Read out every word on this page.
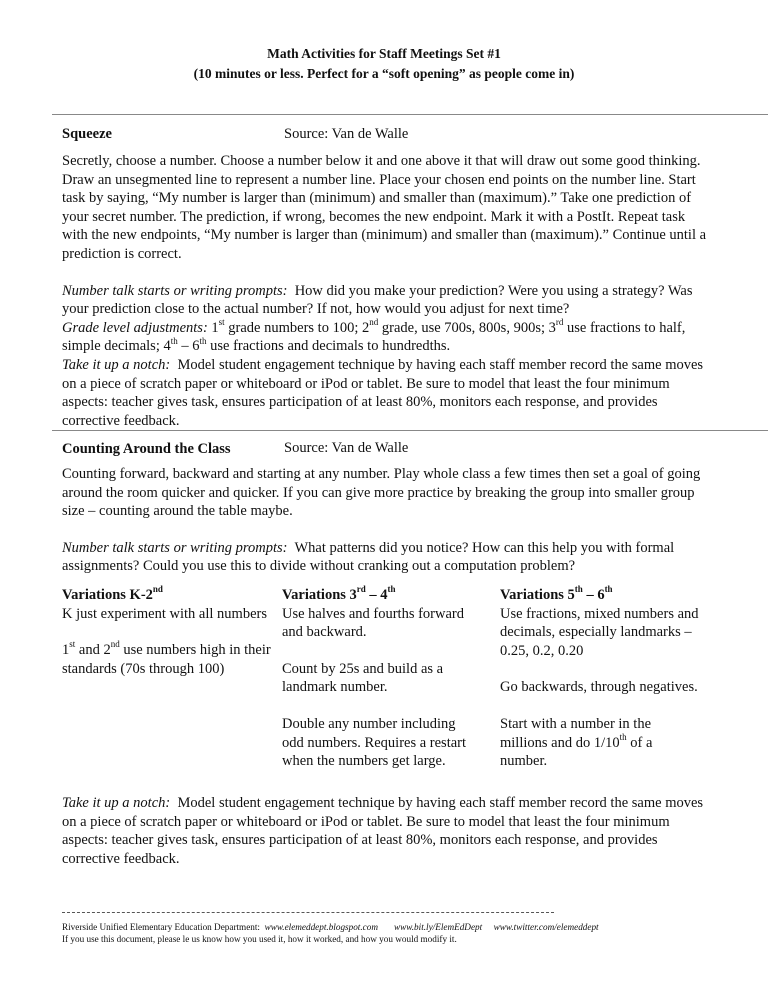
Math Activities for Staff Meetings Set #1
(10 minutes or less. Perfect for a “soft opening” as people come in)
Squeeze	Source: Van de Walle

Secretly, choose a number. Choose a number below it and one above it that will draw out some good thinking. Draw an unsegmented line to represent a number line. Place your chosen end points on the number line. Start task by saying, “My number is larger than (minimum) and smaller than (maximum).” Take one prediction of your secret number. The prediction, if wrong, becomes the new endpoint. Mark it with a PostIt. Repeat task with the new endpoints, “My number is larger than (minimum) and smaller than (maximum).” Continue until a prediction is correct.

Number talk starts or writing prompts: How did you make your prediction? Were you using a strategy? Was your prediction close to the actual number? If not, how would you adjust for next time?

Grade level adjustments: 1st grade numbers to 100; 2nd grade, use 700s, 800s, 900s; 3rd use fractions to half, simple decimals; 4th – 6th use fractions and decimals to hundredths.

Take it up a notch: Model student engagement technique by having each staff member record the same moves on a piece of scratch paper or whiteboard or iPod or tablet. Be sure to model that least the four minimum aspects: teacher gives task, ensures participation of at least 80%, monitors each response, and provides corrective feedback.

Counting Around the Class	Source: Van de Walle

Counting forward, backward and starting at any number. Play whole class a few times then set a goal of going around the room quicker and quicker. If you can give more practice by breaking the group into smaller group size – counting around the table maybe.

Number talk starts or writing prompts: What patterns did you notice? How can this help you with formal assignments? Could you use this to divide without cranking out a computation problem?

Variations K-2nd

K just experiment with all numbers

1st and 2nd use numbers high in their standards (70s through 100)

Variations 3rd – 4th

Use halves and fourths forward and backward.

Count by 25s and build as a landmark number.

Double any number including odd numbers. Requires a restart when the numbers get large.

Variations 5th – 6th

Use fractions, mixed numbers and decimals, especially landmarks – 0.25, 0.2, 0.20

Go backwards, through negatives.

Start with a number in the millions and do 1/10th of a number.

Take it up a notch: Model student engagement technique by having each staff member record the same moves on a piece of scratch paper or whiteboard or iPod or tablet. Be sure to model that least the four minimum aspects: teacher gives task, ensures participation of at least 80%, monitors each response, and provides corrective feedback.

Riverside Unified Elementary Education Department: www.elemeddept.blogspot.com www.bit.ly/ElemEdDept www.twitter.com/elemeddept
If you use this document, please le us know how you used it, how it worked, and how you would modify it.
